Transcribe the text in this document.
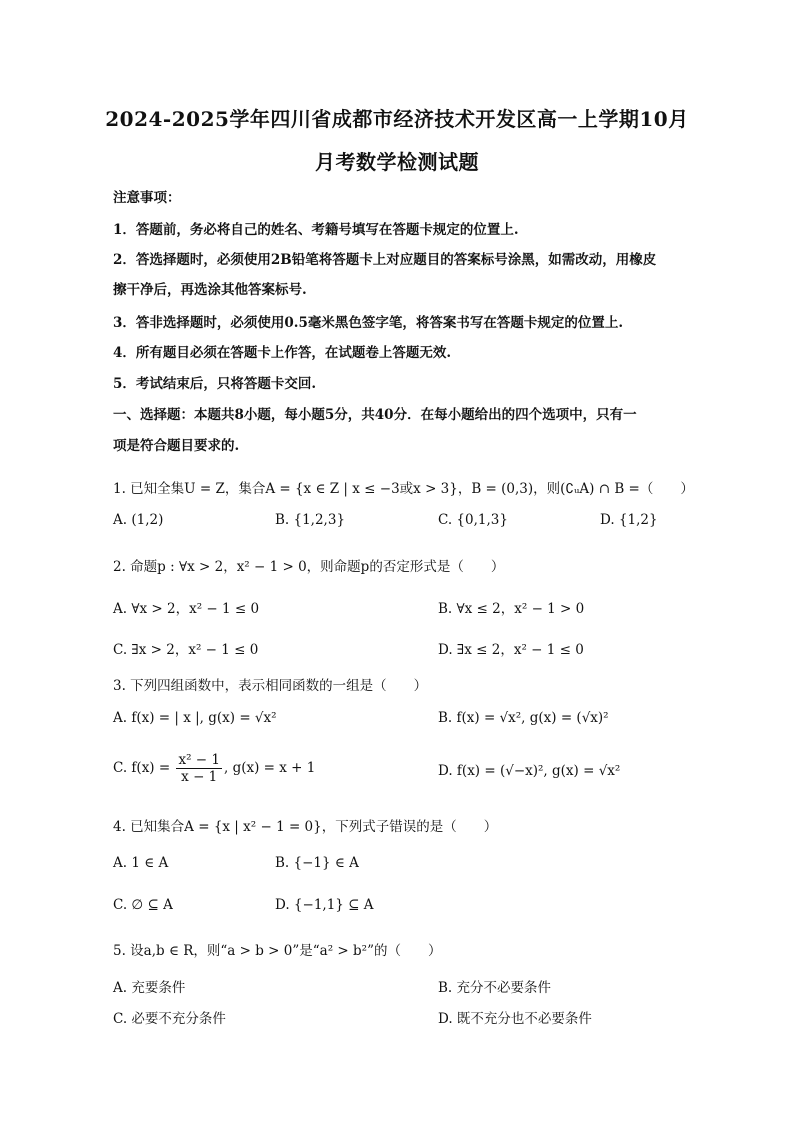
2024-2025学年四川省成都市经济技术开发区高一上学期10月
月考数学检测试题
注意事项：
1．答题前，务必将自己的姓名、考籍号填写在答题卡规定的位置上.
2．答选择题时，必须使用2B铅笔将答题卡上对应题目的答案标号涂黑，如需改动，用橡皮
擦干净后，再选涂其他答案标号.
3．答非选择题时，必须使用0.5毫米黑色签字笔，将答案书写在答题卡规定的位置上.
4．所有题目必须在答题卡上作答，在试题卷上答题无效.
5．考试结束后，只将答题卡交回.
一、选择题：本题共8小题，每小题5分，共40分．在每小题给出的四个选项中，只有一
项是符合题目要求的.
1. 已知全集U = Z，集合A = {x ∈ Z | x ≤ −3或x > 3}，B = (0,3)，则(∁ᵤA) ∩ B =（　　）
A. (1,2)	B. {1,2,3}	C. {0,1,3}	D. {1,2}
2. 命题p : ∀x > 2，x² − 1 > 0，则命题p的否定形式是（　　）
A. ∀x > 2，x² − 1 ≤ 0	B. ∀x ≤ 2，x² − 1 > 0
C. ∃x > 2，x² − 1 ≤ 0	D. ∃x ≤ 2，x² − 1 ≤ 0
3. 下列四组函数中，表示相同函数的一组是（　　）
A. f(x) = | x |, g(x) = √x²	B. f(x) = √x², g(x) = (√x)²
C. $f(x) = \frac{\text{x² − 1}}{x - 1}$ , g(x) = x + 1	D. f(x) = (√−x)², g(x) = √x²
4. 已知集合A = {x | x² − 1 = 0}，下列式子错误的是（　　）
A. 1 ∈ A	B. {−1} ∈ A
C. ∅ ⊆ A	D. {−1,1} ⊆ A
5. 设a,b ∈ R，则“a > b > 0”是“a² > b²”的（　　）
A. 充要条件	B. 充分不必要条件
C. 必要不充分条件	D. 既不充分也不必要条件
